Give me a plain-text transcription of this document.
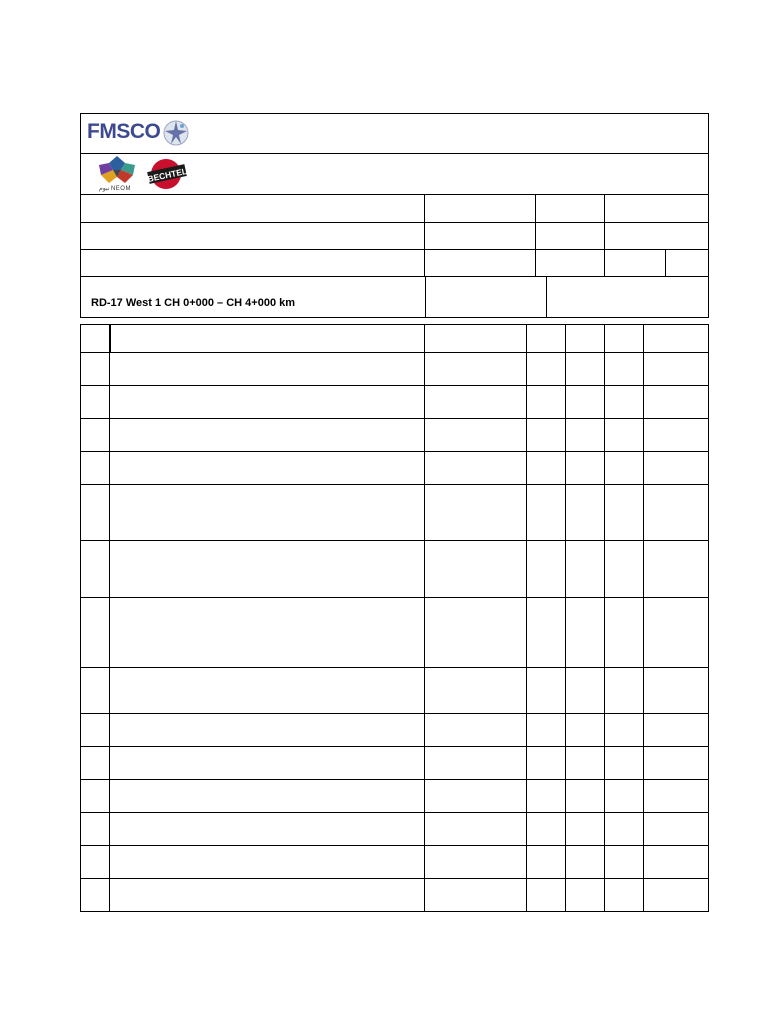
FMSCO
ﻧﻴﻮﻡ NEOM
BECHTEL
RD-17 West 1 CH 0+000 – CH 4+000 km
